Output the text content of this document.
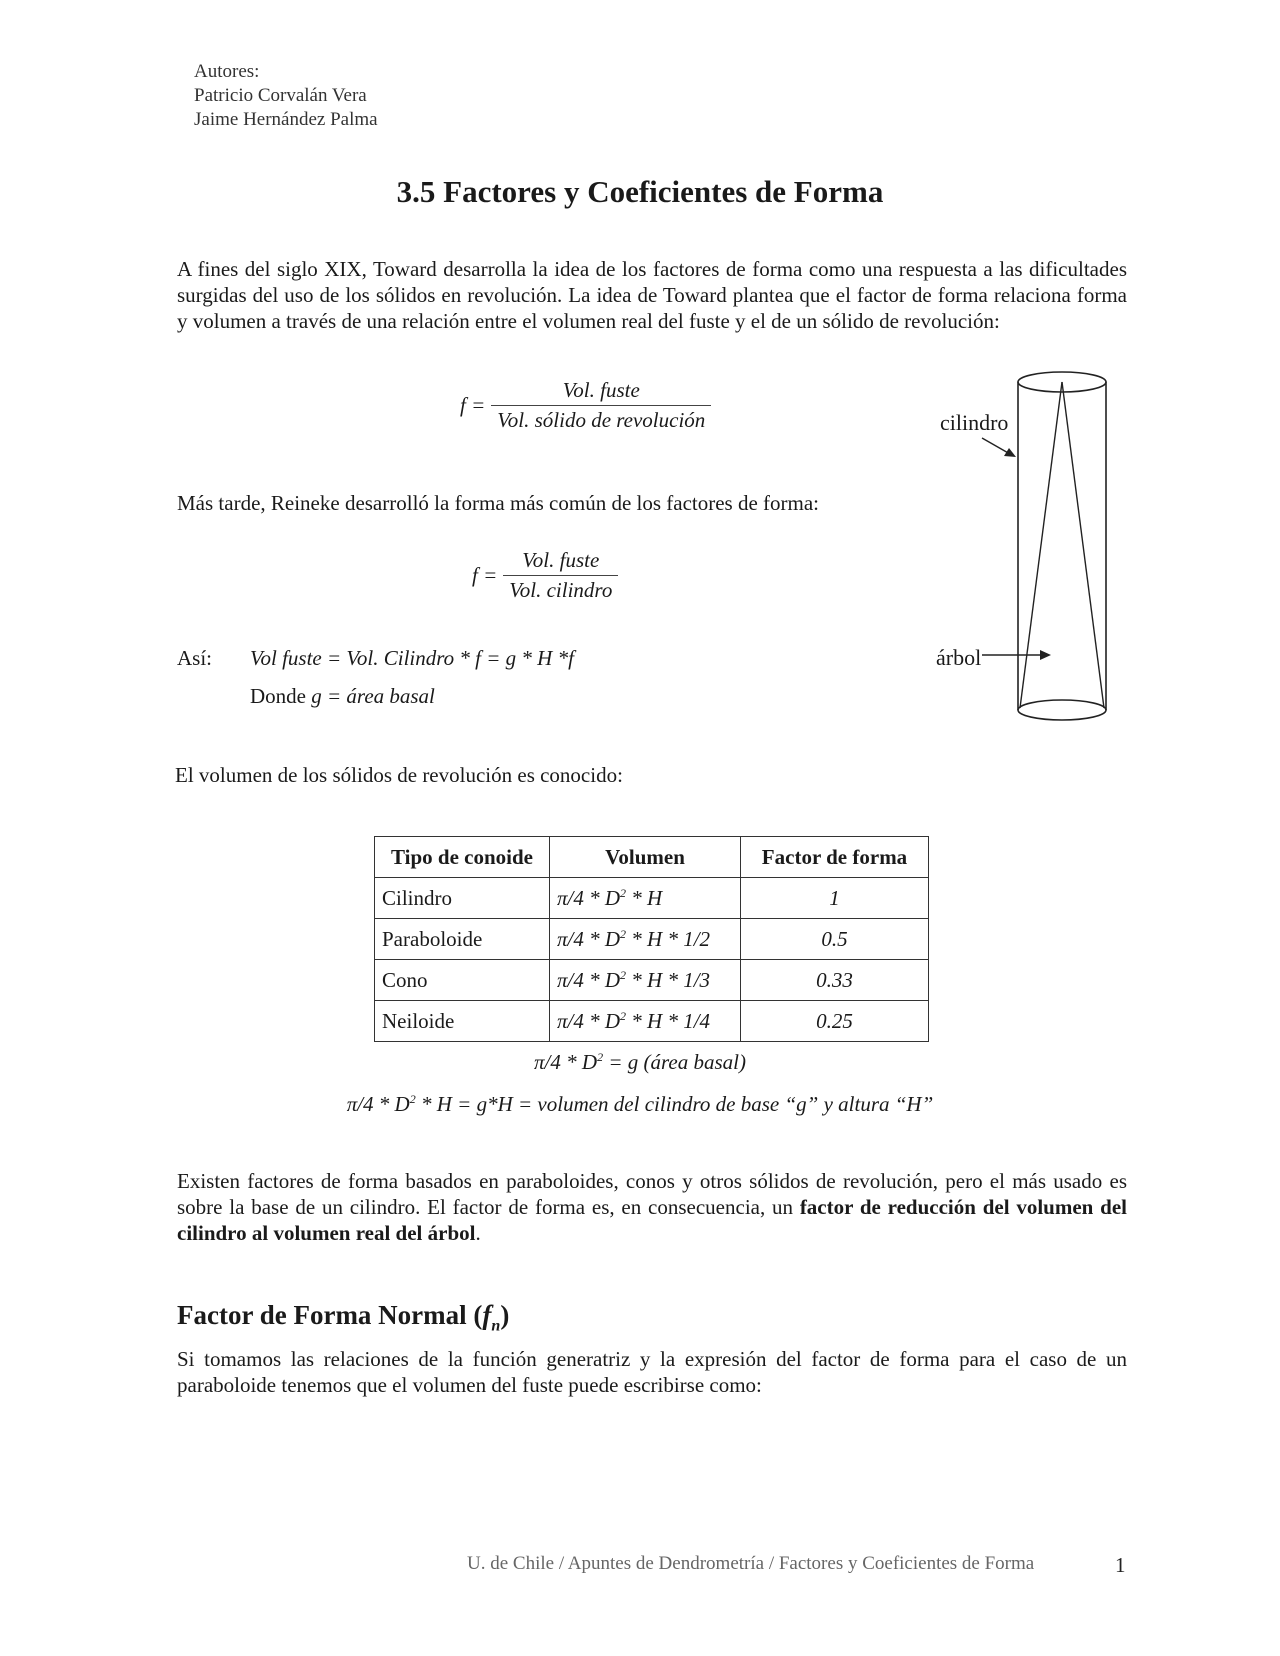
Autores:
Patricio Corvalán Vera
Jaime Hernández Palma
3.5 Factores y Coeficientes de Forma
A fines del siglo XIX, Toward desarrolla la idea de los factores de forma como una respuesta a las dificultades surgidas del uso de los sólidos en revolución. La idea de Toward plantea que el factor de forma relaciona forma y volumen a través de una relación entre el volumen real del fuste y el de un sólido de revolución:
$f = \frac{\text{Vol. fuste}}{\text{Vol. sólido de revolución}}$	cilindro
árbol
Más tarde, Reineke desarrolló la forma más común de los factores de forma:
$f = \frac{\text{Vol. fuste}}{\text{Vol. cilindro}}$
Así: Vol fuste = Vol. Cilindro * f = g * H *f
Donde g = área basal
El volumen de los sólidos de revolución es conocido:
Tipo de conoide	Volumen	Factor de forma
Cilindro	$\pi/4 * D^2$ * H	1
Paraboloide	$\pi/4 * D^2$ * H * 1/2	0.5
Cono	$\pi/4 * D^2$ * H * 1/3	0.33
Neiloide	$\pi/4 * D^2$ * H * 1/4	0.25
$\pi/4 * D^2 = g$ (área basal)
$\pi/4 * D^2 * H = g*H$ = volumen del cilindro de base “g” y altura “H”
Existen factores de forma basados en paraboloides, conos y otros sólidos de revolución, pero el más usado es sobre la base de un cilindro. El factor de forma es, en consecuencia, un factor de reducción del volumen del cilindro al volumen real del árbol.
Factor de Forma Normal $(f_n)$
Si tomamos las relaciones de la función generatriz y la expresión del factor de forma para el caso de un paraboloide tenemos que el volumen del fuste puede escribirse como:
U. de Chile / Apuntes de Dendrometría / Factores y Coeficientes de Forma	1
